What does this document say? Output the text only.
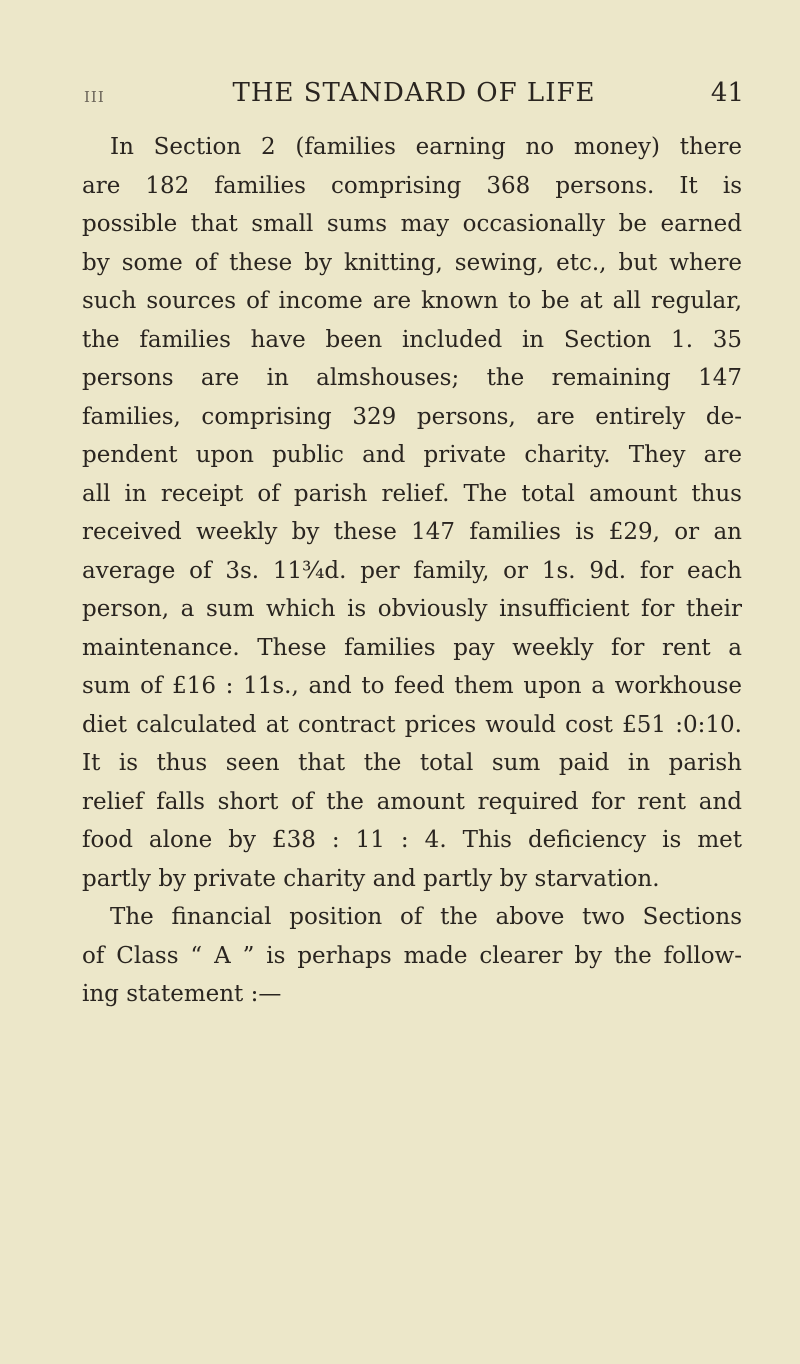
III	THE STANDARD OF LIFE	41
In Section 2 (families earning no money) there
are 182 families comprising 368 persons. It is
possible that small sums may occasionally be earned
by some of these by knitting, sewing, etc., but where
such sources of income are known to be at all regular,
the families have been included in Section 1. 35
persons are in almshouses; the remaining 147
families, comprising 329 persons, are entirely de-
pendent upon public and private charity. They are
all in receipt of parish relief. The total amount thus
received weekly by these 147 families is £29, or an
average of 3s. 11¾d. per family, or 1s. 9d. for each
person, a sum which is obviously insufficient for their
maintenance. These families pay weekly for rent a
sum of £16 : 11s., and to feed them upon a workhouse
diet calculated at contract prices would cost £51 :0:10.
It is thus seen that the total sum paid in parish
relief falls short of the amount required for rent and
food alone by £38 : 11 : 4. This deficiency is met
partly by private charity and partly by starvation.
The financial position of the above two Sections
of Class “ A ” is perhaps made clearer by the follow-
ing statement :—
